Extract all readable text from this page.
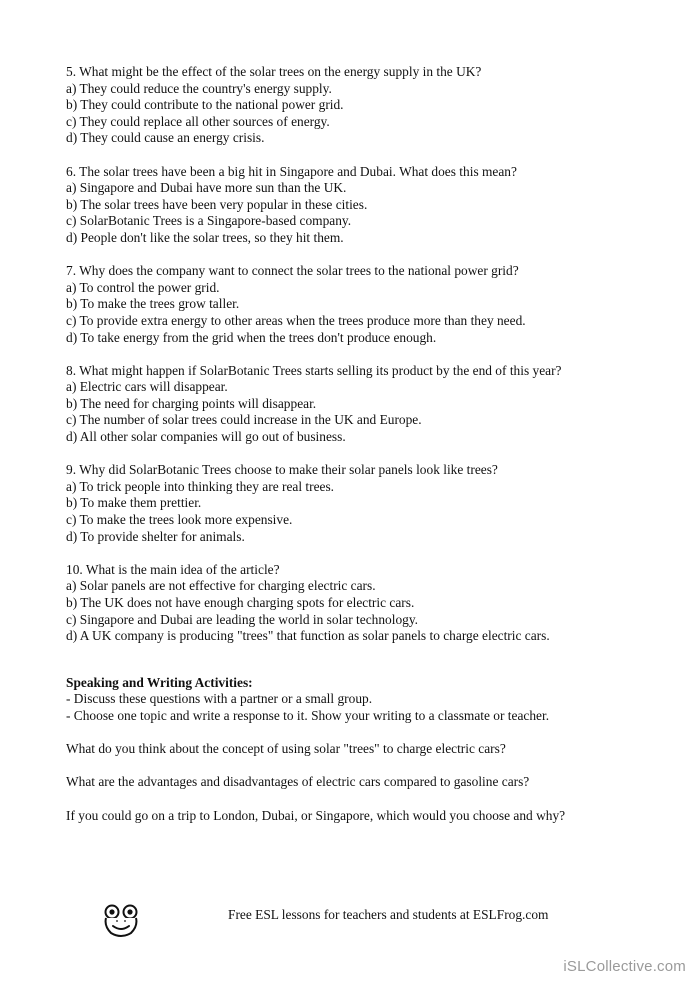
5. What might be the effect of the solar trees on the energy supply in the UK?
a) They could reduce the country's energy supply.
b) They could contribute to the national power grid.
c) They could replace all other sources of energy.
d) They could cause an energy crisis.
6. The solar trees have been a big hit in Singapore and Dubai. What does this mean?
a) Singapore and Dubai have more sun than the UK.
b) The solar trees have been very popular in these cities.
c) SolarBotanic Trees is a Singapore-based company.
d) People don't like the solar trees, so they hit them.
7. Why does the company want to connect the solar trees to the national power grid?
a) To control the power grid.
b) To make the trees grow taller.
c) To provide extra energy to other areas when the trees produce more than they need.
d) To take energy from the grid when the trees don't produce enough.
8. What might happen if SolarBotanic Trees starts selling its product by the end of this year?
a) Electric cars will disappear.
b) The need for charging points will disappear.
c) The number of solar trees could increase in the UK and Europe.
d) All other solar companies will go out of business.
9. Why did SolarBotanic Trees choose to make their solar panels look like trees?
a) To trick people into thinking they are real trees.
b) To make them prettier.
c) To make the trees look more expensive.
d) To provide shelter for animals.
10. What is the main idea of the article?
a) Solar panels are not effective for charging electric cars.
b) The UK does not have enough charging spots for electric cars.
c) Singapore and Dubai are leading the world in solar technology.
d) A UK company is producing "trees" that function as solar panels to charge electric cars.
Speaking and Writing Activities:
- Discuss these questions with a partner or a small group.
- Choose one topic and write a response to it. Show your writing to a classmate or teacher.

What do you think about the concept of using solar "trees" to charge electric cars?

What are the advantages and disadvantages of electric cars compared to gasoline cars?

If you could go on a trip to London, Dubai, or Singapore, which would you choose and why?

Free ESL lessons for teachers and students at ESLFrog.com
iSLCollective.com
